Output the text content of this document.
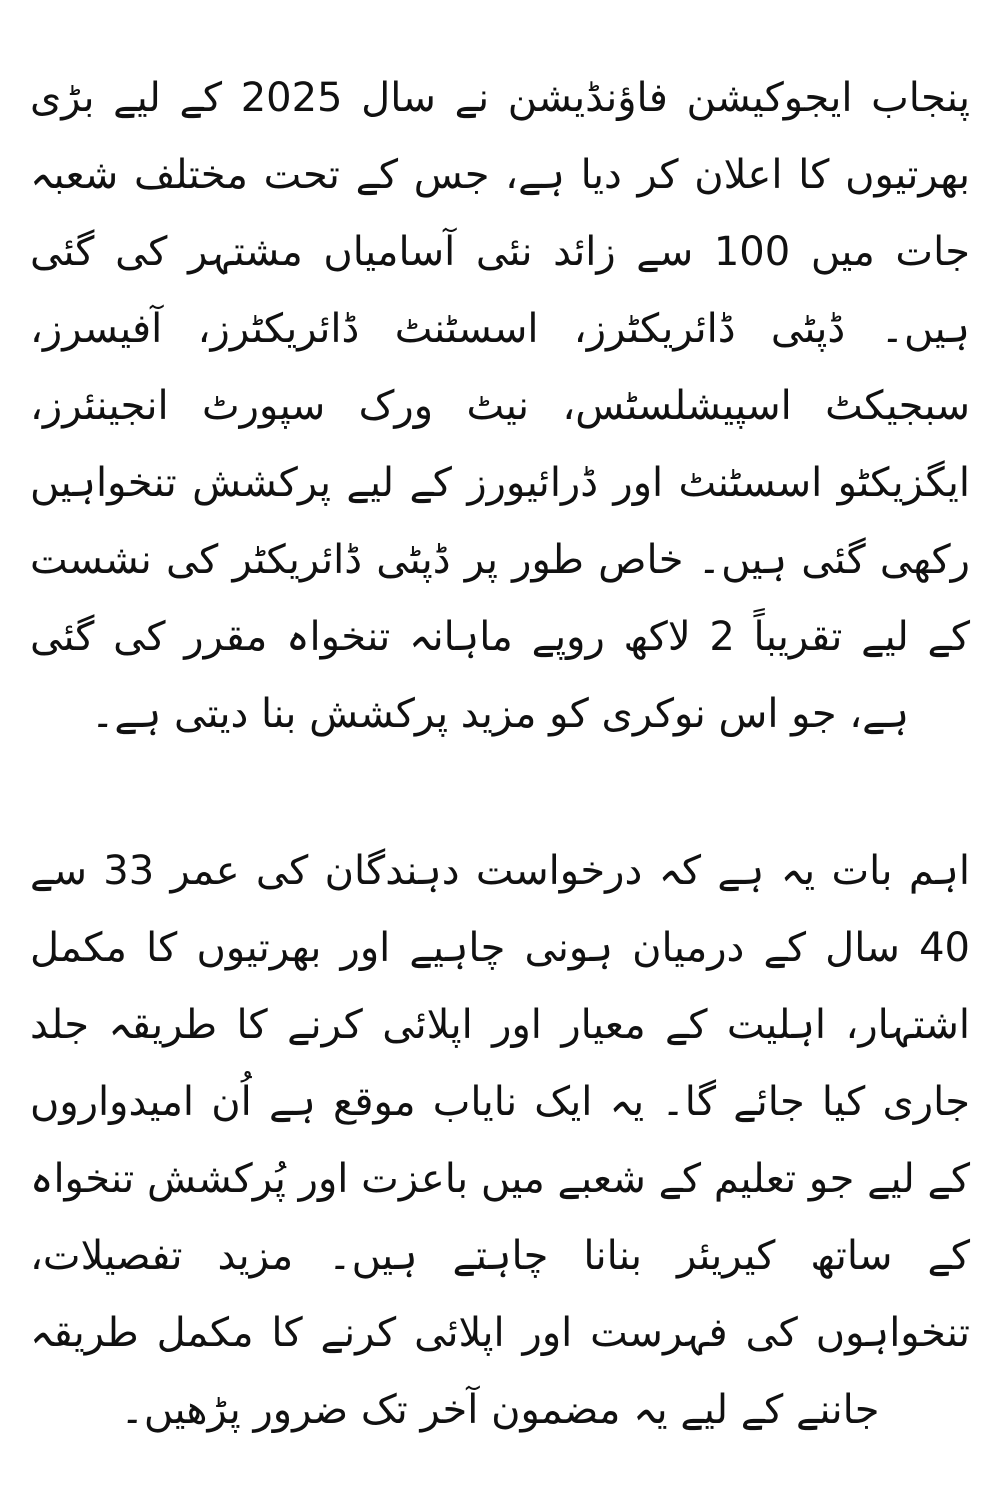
پنجاب ایجوکیشن فاؤنڈیشن نے سال 2025 کے لیے بڑی بھرتیوں کا اعلان کر دیا ہے، جس کے تحت مختلف شعبہ جات میں 100 سے زائد نئی آسامیاں مشتہر کی گئی ہیں۔ ڈپٹی ڈائریکٹرز، اسسٹنٹ ڈائریکٹرز، آفیسرز، سبجیکٹ اسپیشلسٹس، نیٹ ورک سپورٹ انجینئرز، ایگزیکٹو اسسٹنٹ اور ڈرائیورز کے لیے پرکشش تنخواہیں رکھی گئی ہیں۔ خاص طور پر ڈپٹی ڈائریکٹر کی نشست کے لیے تقریباً 2 لاکھ روپے ماہانہ تنخواہ مقرر کی گئی ہے، جو اس نوکری کو مزید پرکشش بنا دیتی ہے۔

اہم بات یہ ہے کہ درخواست دہندگان کی عمر 33 سے 40 سال کے درمیان ہونی چاہیے اور بھرتیوں کا مکمل اشتہار، اہلیت کے معیار اور اپلائی کرنے کا طریقہ جلد جاری کیا جائے گا۔ یہ ایک نایاب موقع ہے اُن امیدواروں کے لیے جو تعلیم کے شعبے میں باعزت اور پُرکشش تنخواہ کے ساتھ کیریئر بنانا چاہتے ہیں۔ مزید تفصیلات، تنخواہوں کی فہرست اور اپلائی کرنے کا مکمل طریقہ جاننے کے لیے یہ مضمون آخر تک ضرور پڑھیں۔
